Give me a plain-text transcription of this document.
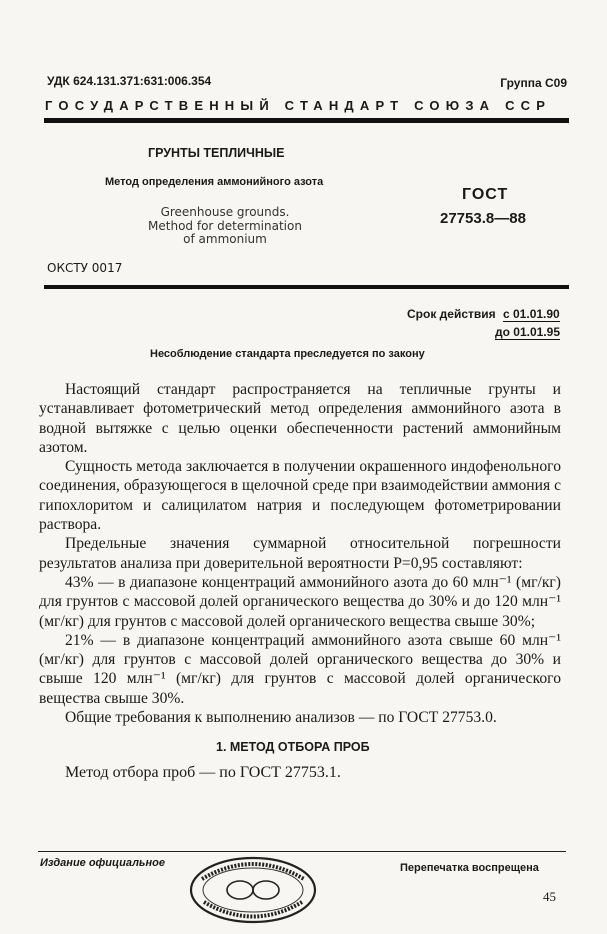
УДК 624.131.371:631:006.354	Группа С09
ГОСУДАРСТВЕННЫЙ СТАНДАРТ СОЮЗА ССР
ГРУНТЫ ТЕПЛИЧНЫЕ
Метод определения аммонийного азота
Greenhouse grounds.
Method for determination
of ammonium
ГОСТ
27753.8—88
ОКСТУ 0017
Срок действия с 01.01.90
до 01.01.95
Несоблюдение стандарта преследуется по закону

Настоящий стандарт распространяется на тепличные грунты и устанавливает фотометрический метод определения аммонийного азота в водной вытяжке с целью оценки обеспеченности растений аммонийным азотом.

Сущность метода заключается в получении окрашенного индофенольного соединения, образующегося в щелочной среде при взаимодействии аммония с гипохлоритом и салицилатом натрия и последующем фотометрировании раствора.

Предельные значения суммарной относительной погрешности результатов анализа при доверительной вероятности P=0,95 составляют:

43% — в диапазоне концентраций аммонийного азота до 60 млн⁻¹ (мг/кг) для грунтов с массовой долей органического вещества до 30% и до 120 млн⁻¹ (мг/кг) для грунтов с массовой долей органического вещества свыше 30%;

21% — в диапазоне концентраций аммонийного азота свыше 60 млн⁻¹ (мг/кг) для грунтов с массовой долей органического вещества до 30% и свыше 120 млн⁻¹ (мг/кг) для грунтов с массовой долей органического вещества свыше 30%.

Общие требования к выполнению анализов — по ГОСТ 27753.0.

1. МЕТОД ОТБОРА ПРОБ
Метод отбора проб — по ГОСТ 27753.1.
Издание официальное	Перепечатка воспрещена
45
